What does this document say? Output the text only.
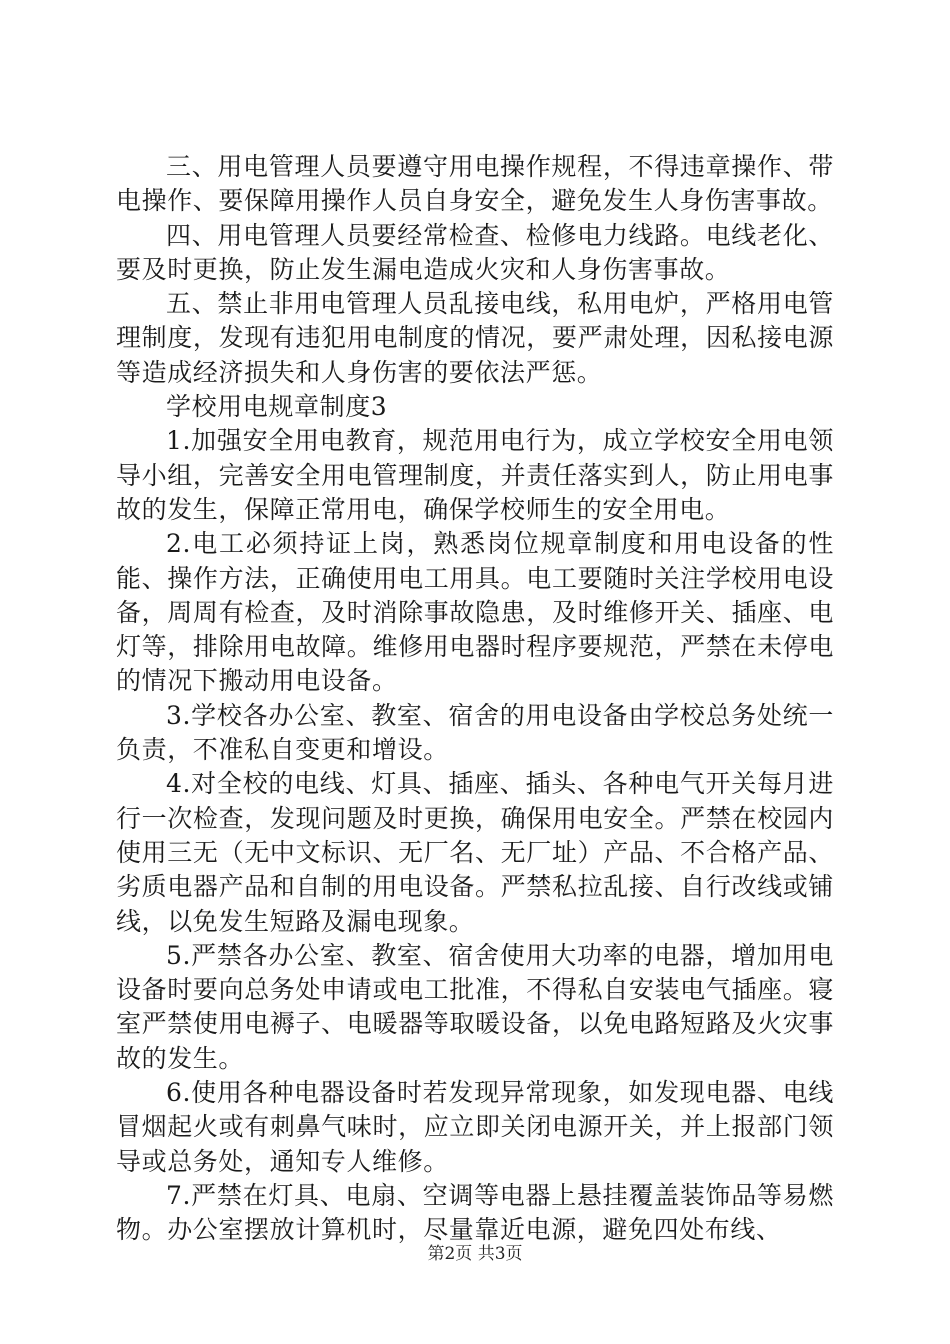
三、用电管理人员要遵守用电操作规程，不得违章操作、带电操作、要保障用操作人员自身安全，避免发生人身伤害事故。

四、用电管理人员要经常检查、检修电力线路。电线老化、要及时更换，防止发生漏电造成火灾和人身伤害事故。

五、禁止非用电管理人员乱接电线，私用电炉，严格用电管理制度，发现有违犯用电制度的情况，要严肃处理，因私接电源等造成经济损失和人身伤害的要依法严惩。

学校用电规章制度3

1.加强安全用电教育，规范用电行为，成立学校安全用电领导小组，完善安全用电管理制度，并责任落实到人，防止用电事故的发生，保障正常用电，确保学校师生的安全用电。

2.电工必须持证上岗，熟悉岗位规章制度和用电设备的性能、操作方法，正确使用电工用具。电工要随时关注学校用电设备，周周有检查，及时消除事故隐患，及时维修开关、插座、电灯等，排除用电故障。维修用电器时程序要规范，严禁在未停电的情况下搬动用电设备。

3.学校各办公室、教室、宿舍的用电设备由学校总务处统一负责，不准私自变更和增设。

4.对全校的电线、灯具、插座、插头、各种电气开关每月进行一次检查，发现问题及时更换，确保用电安全。严禁在校园内使用三无（无中文标识、无厂名、无厂址）产品、不合格产品、劣质电器产品和自制的用电设备。严禁私拉乱接、自行改线或铺线，以免发生短路及漏电现象。

5.严禁各办公室、教室、宿舍使用大功率的电器，增加用电设备时要向总务处申请或电工批准，不得私自安装电气插座。寝室严禁使用电褥子、电暖器等取暖设备，以免电路短路及火灾事故的发生。

6.使用各种电器设备时若发现异常现象，如发现电器、电线冒烟起火或有刺鼻气味时，应立即关闭电源开关，并上报部门领导或总务处，通知专人维修。

7.严禁在灯具、电扇、空调等电器上悬挂覆盖装饰品等易燃物。办公室摆放计算机时，尽量靠近电源，避免四处布线、

第2页 共3页
